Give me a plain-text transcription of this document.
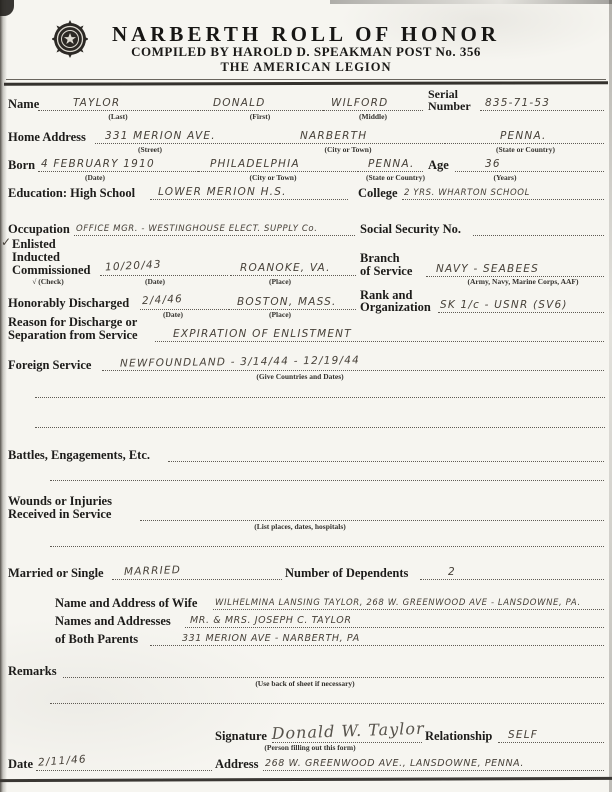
NARBERTH ROLL OF HONOR
COMPILED BY HAROLD D. SPEAKMAN POST No. 356
THE AMERICAN LEGION
Name	TAYLOR	DONALD	WILFORD
Serial
Number 835-71-53
(Last)	(First)	(Middle)
Home Address 331 MERION AVE.	NARBERTH	PENNA.
(Street)	(City or Town)	(State or Country)
Born 4 FEBRUARY 1910	PHILADELPHIA	PENNA. Age	36
(Date)	(City or Town)	(State or Country)	(Years)
Education: High School LOWER MERION H.S.	College 2 YRS. WHARTON SCHOOL
Occupation OFFICE MGR. - WESTINGHOUSE ELECT. SUPPLY Co.	Social Security No.
✓ Enlisted
Inducted
Commissioned 10/20/43	ROANOKE, VA.
Branch
of Service NAVY - SEABEES
√ (Check)	(Date)	(Place)	(Army, Navy, Marine Corps, AAF)
Honorably Discharged 2/4/46	BOSTON, MASS. Rank and
Organization SK 1/c - USNR (SV6)
(Date)	(Place)
Reason for Discharge or
Separation from Service	EXPIRATION OF ENLISTMENT
Foreign Service	NEWFOUNDLAND - 3/14/44 - 12/19/44
(Give Countries and Dates)
Battles, Engagements, Etc.
Wounds or Injuries
Received in Service
(List places, dates, hospitals)
Married or Single MARRIED	Number of Dependents	2
Name and Address of Wife WILHELMINA LANSING TAYLOR, 268 W. GREENWOOD AVE - LANSDOWNE, PA.
Names and Addresses MR. & MRS. JOSEPH C. TAYLOR
of Both Parents	331 MERION AVE - NARBERTH, PA
Remarks
(Use back of sheet if necessary)
Signature Donald W. Taylor Relationship SELF
(Person filling out this form)
Date 2/11/46	Address 268 W. GREENWOOD AVE., LANSDOWNE, PENNA.
